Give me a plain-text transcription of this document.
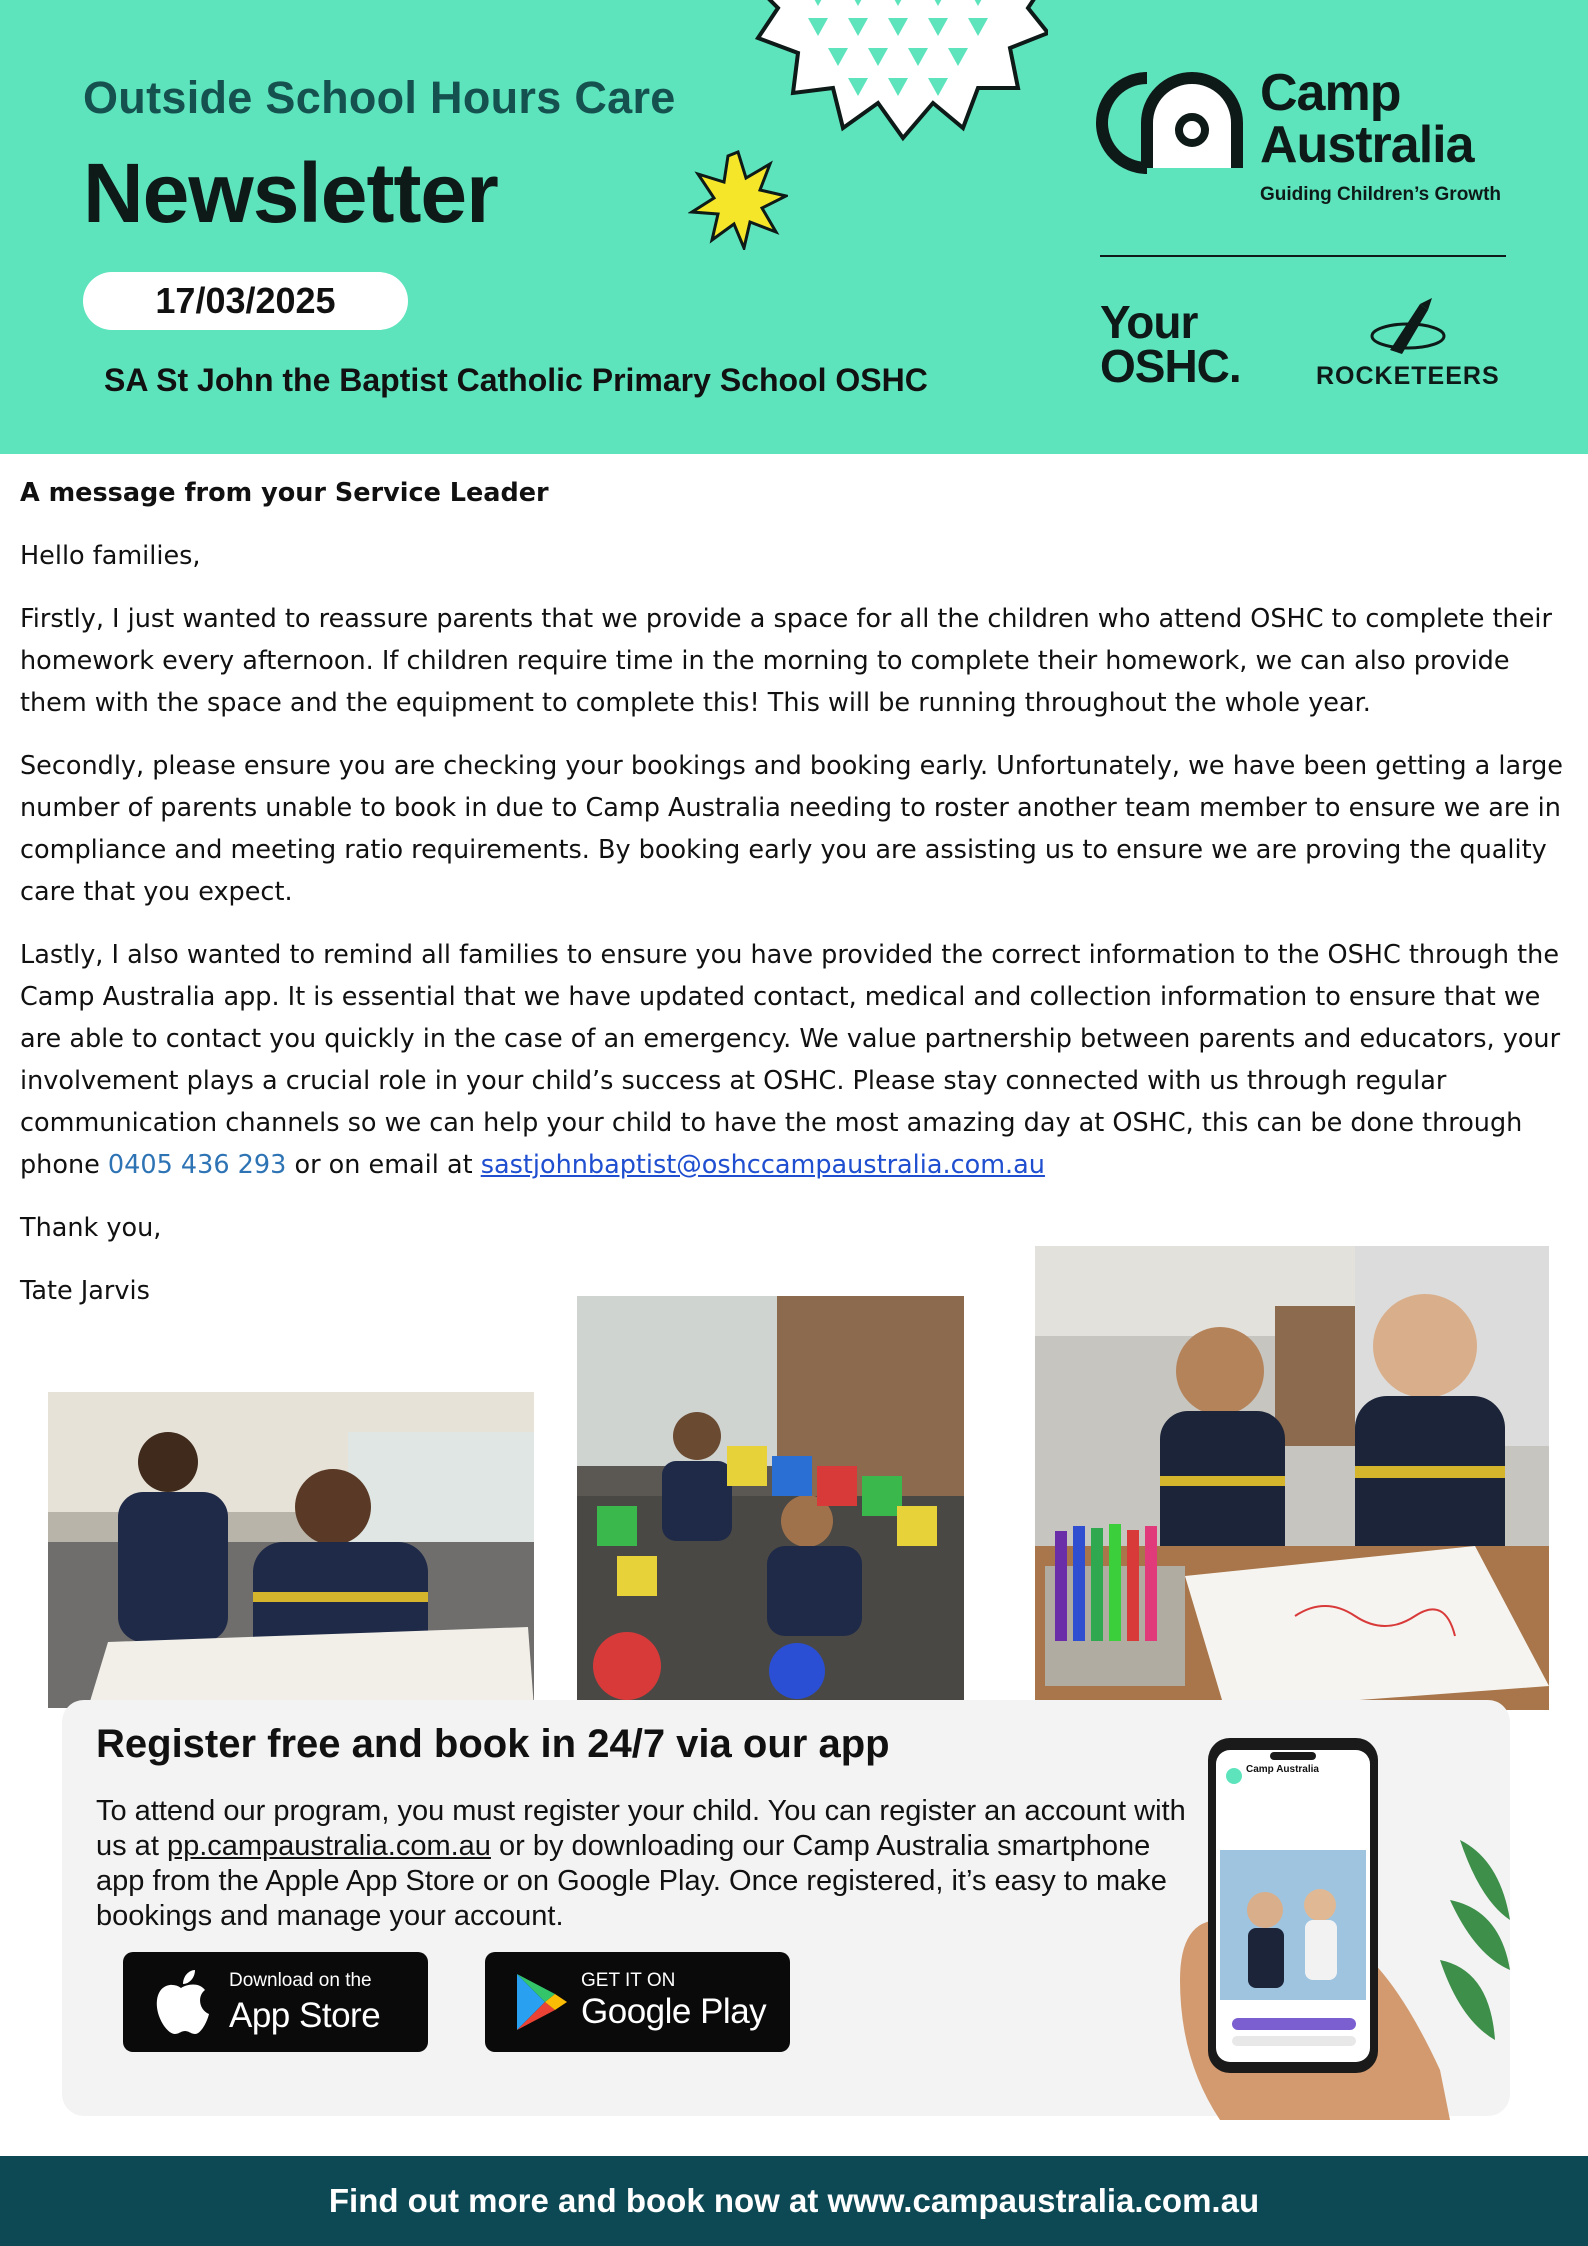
Outside School Hours Care
Newsletter
17/03/2025
SA St John the Baptist Catholic Primary School OSHC
Camp
Australia
Guiding Children’s Growth
Your
OSHC.	ROCKETEERS

A message from your Service Leader

Hello families,

Firstly, I just wanted to reassure parents that we provide a space for all the children who attend OSHC to complete their homework every afternoon. If children require time in the morning to complete their homework, we can also provide them with the space and the equipment to complete this! This will be running throughout the whole year.

Secondly, please ensure you are checking your bookings and booking early. Unfortunately, we have been getting a large number of parents unable to book in due to Camp Australia needing to roster another team member to ensure we are in compliance and meeting ratio requirements. By booking early you are assisting us to ensure we are proving the quality care that you expect.

Lastly, I also wanted to remind all families to ensure you have provided the correct information to the OSHC through the Camp Australia app. It is essential that we have updated contact, medical and collection information to ensure that we are able to contact you quickly in the case of an emergency. We value partnership between parents and educators, your involvement plays a crucial role in your child’s success at OSHC. Please stay connected with us through regular communication channels so we can help your child to have the most amazing day at OSHC, this can be done through phone 0405 436 293 or on email at sastjohnbaptist@oshccampaustralia.com.au

Thank you,

Tate Jarvis

Register free and book in 24/7 via our app
To attend our program, you must register your child. You can register an account with us at pp.campaustralia.com.au or by downloading our Camp Australia smartphone app from the Apple App Store or on Google Play. Once registered, it’s easy to make bookings and manage your account.
Download on the
App Store
GET IT ON
Google Play
Camp Australia
Find out more and book now at www.campaustralia.com.au
